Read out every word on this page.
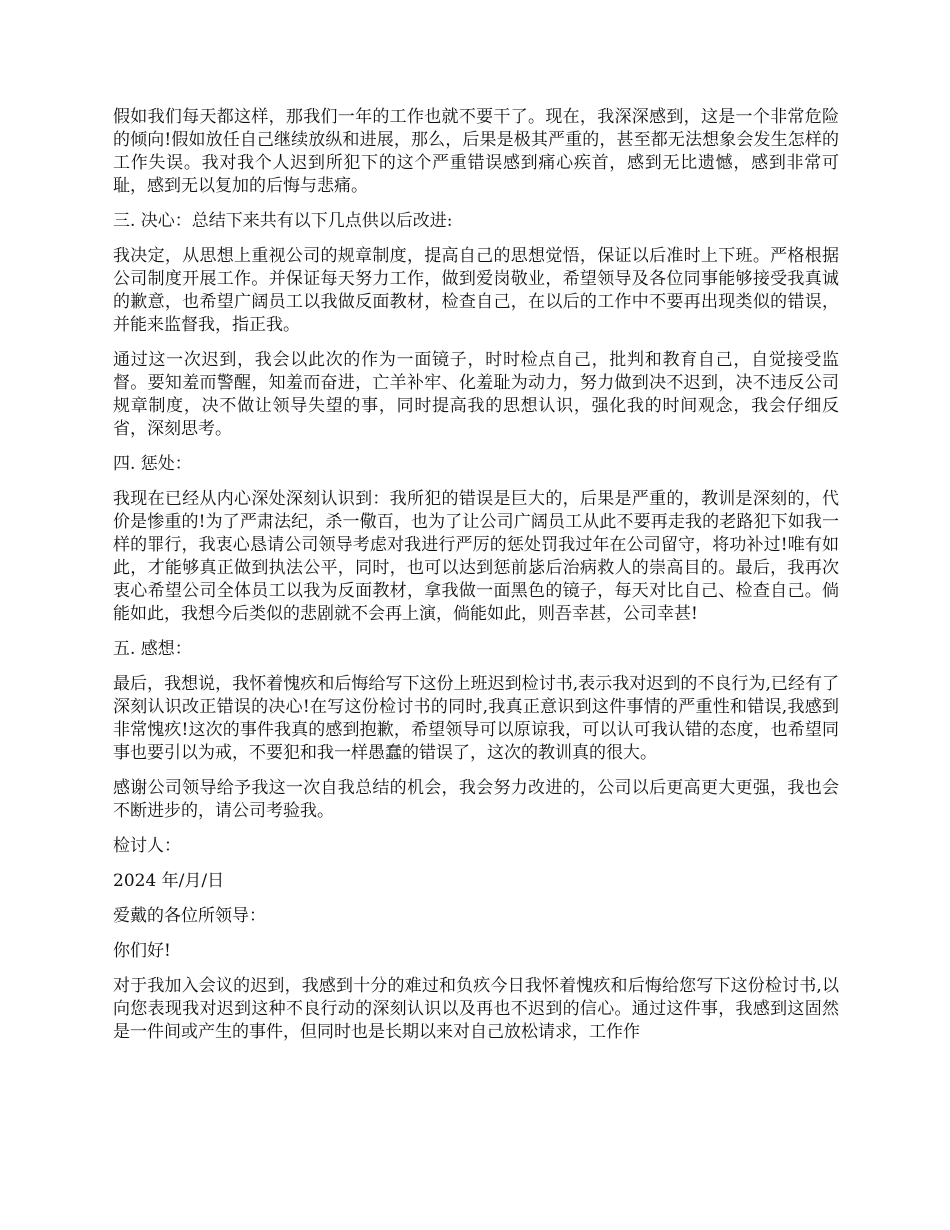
假如我们每天都这样，那我们一年的工作也就不要干了。现在，我深深感到，这是一个非常危险的倾向!假如放任自己继续放纵和进展，那么，后果是极其严重的，甚至都无法想象会发生怎样的工作失误。我对我个人迟到所犯下的这个严重错误感到痛心疾首，感到无比遗憾，感到非常可耻，感到无以复加的后悔与悲痛。

三. 决心：总结下来共有以下几点供以后改进:

我决定，从思想上重视公司的规章制度，提高自己的思想觉悟，保证以后准时上下班。严格根据公司制度开展工作。并保证每天努力工作，做到爱岗敬业，希望领导及各位同事能够接受我真诚的歉意，也希望广阔员工以我做反面教材，检查自己，在以后的工作中不要再出现类似的错误，并能来监督我，指正我。

通过这一次迟到，我会以此次的作为一面镜子，时时检点自己，批判和教育自己，自觉接受监督。要知羞而警醒，知羞而奋进，亡羊补牢、化羞耻为动力，努力做到决不迟到，决不违反公司规章制度，决不做让领导失望的事，同时提高我的思想认识，强化我的时间观念，我会仔细反省，深刻思考。

四. 惩处：

我现在已经从内心深处深刻认识到：我所犯的错误是巨大的，后果是严重的，教训是深刻的，代价是惨重的!为了严肃法纪，杀一儆百，也为了让公司广阔员工从此不要再走我的老路犯下如我一样的罪行，我衷心恳请公司领导考虑对我进行严厉的惩处罚我过年在公司留守，将功补过!唯有如此，才能够真正做到执法公平，同时，也可以达到惩前毖后治病救人的崇高目的。最后，我再次衷心希望公司全体员工以我为反面教材，拿我做一面黑色的镜子，每天对比自己、检查自己。倘能如此，我想今后类似的悲剧就不会再上演，倘能如此，则吾幸甚，公司幸甚!

五. 感想：

最后，我想说，我怀着愧疚和后悔给写下这份上班迟到检讨书,表示我对迟到的不良行为,已经有了深刻认识改正错误的决心!在写这份检讨书的同时,我真正意识到这件事情的严重性和错误,我感到非常愧疚!这次的事件我真的感到抱歉，希望领导可以原谅我，可以认可我认错的态度，也希望同事也要引以为戒，不要犯和我一样愚蠢的错误了，这次的教训真的很大。

感谢公司领导给予我这一次自我总结的机会，我会努力改进的，公司以后更高更大更强，我也会不断进步的，请公司考验我。

检讨人：

2024 年/月/日

爱戴的各位所领导：

你们好!

对于我加入会议的迟到，我感到十分的难过和负疚今日我怀着愧疚和后悔给您写下这份检讨书,以向您表现我对迟到这种不良行动的深刻认识以及再也不迟到的信心。通过这件事，我感到这固然是一件间或产生的事件，但同时也是长期以来对自己放松请求，工作作
